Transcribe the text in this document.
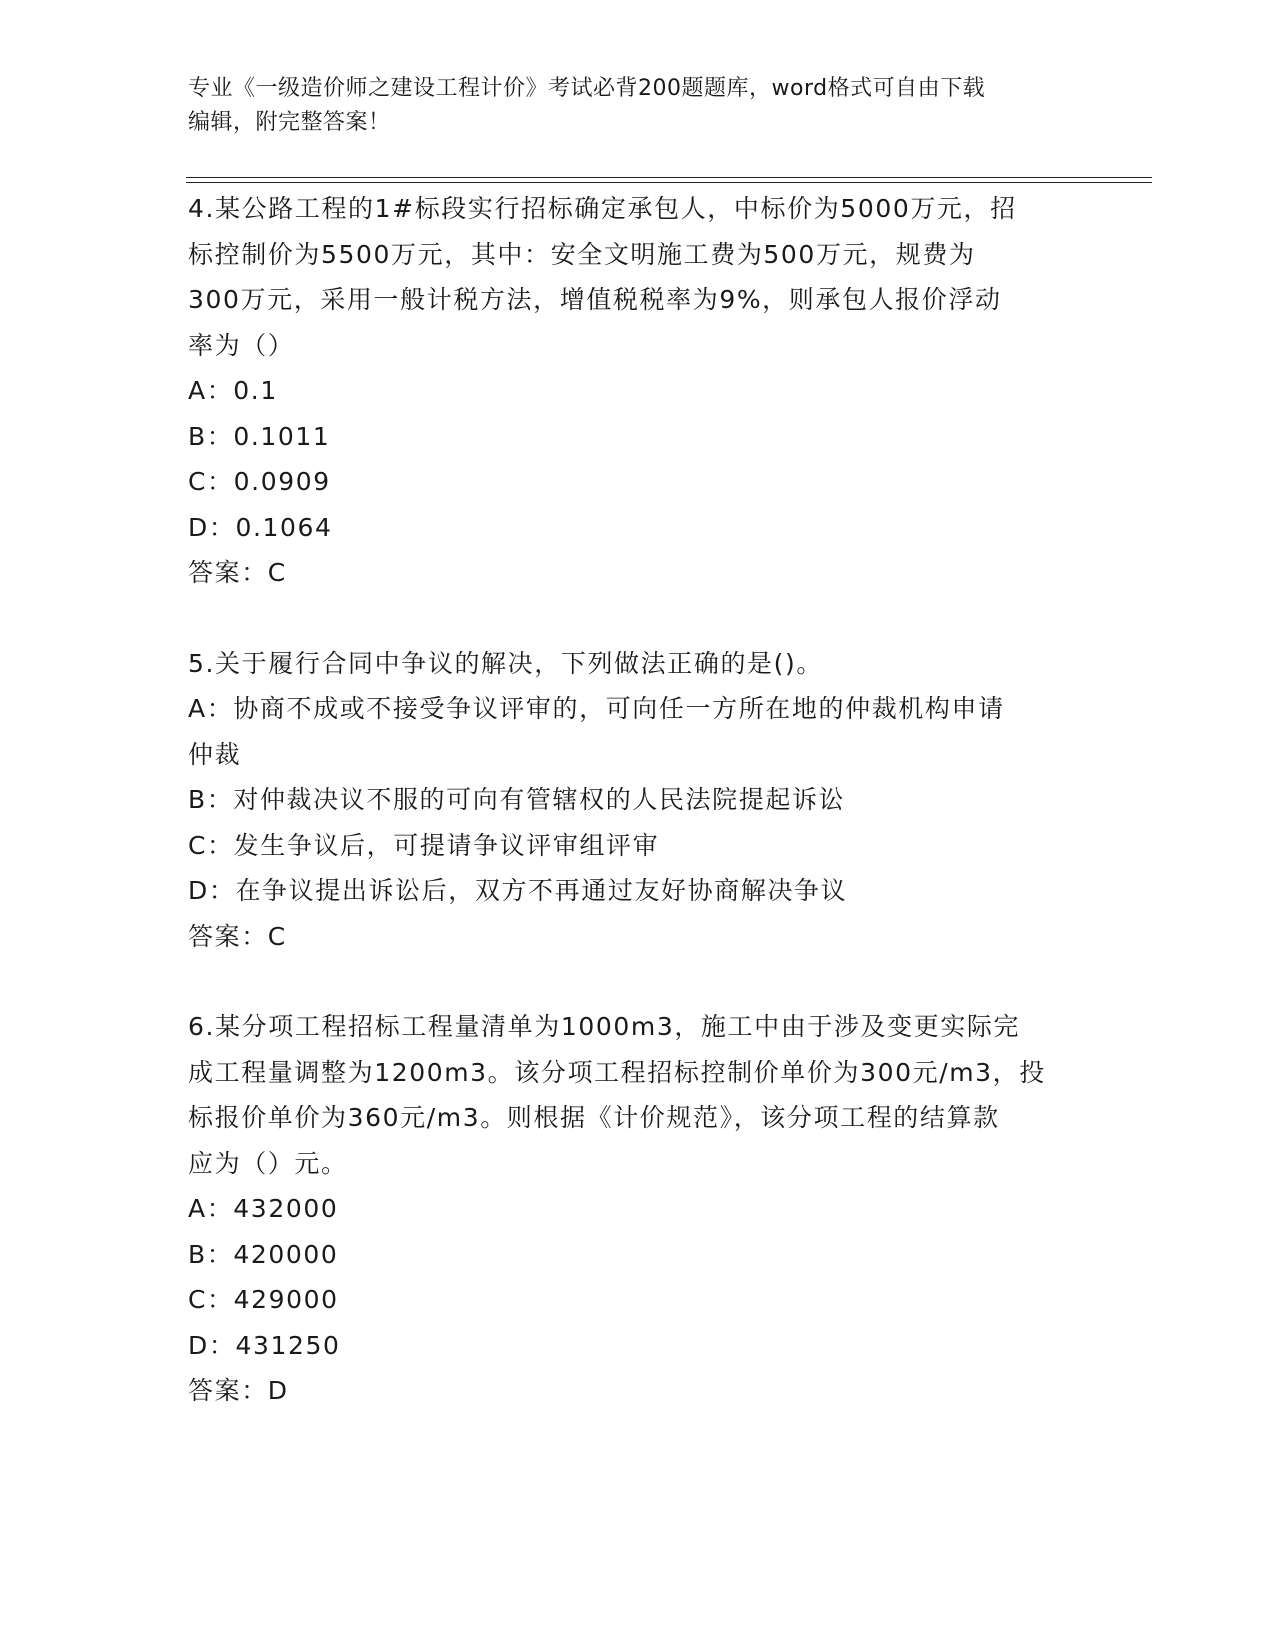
专业《一级造价师之建设工程计价》考试必背200题题库，word格式可自由下载
编辑，附完整答案！

4.某公路工程的1#标段实行招标确定承包人，中标价为5000万元，招

标控制价为5500万元，其中：安全文明施工费为500万元，规费为

300万元，采用一般计税方法，增值税税率为9%，则承包人报价浮动

率为（）

A：0.1

B：0.1011

C：0.0909

D：0.1064

答案：C

5.关于履行合同中争议的解决，下列做法正确的是()。

A：协商不成或不接受争议评审的，可向任一方所在地的仲裁机构申请

仲裁

B：对仲裁决议不服的可向有管辖权的人民法院提起诉讼

C：发生争议后，可提请争议评审组评审

D：在争议提出诉讼后，双方不再通过友好协商解决争议

答案：C

6.某分项工程招标工程量清单为1000m3，施工中由于涉及变更实际完

成工程量调整为1200m3。该分项工程招标控制价单价为300元/m3，投

标报价单价为360元/m3。则根据《计价规范》，该分项工程的结算款

应为（）元。

A：432000

B：420000

C：429000

D：431250

答案：D
